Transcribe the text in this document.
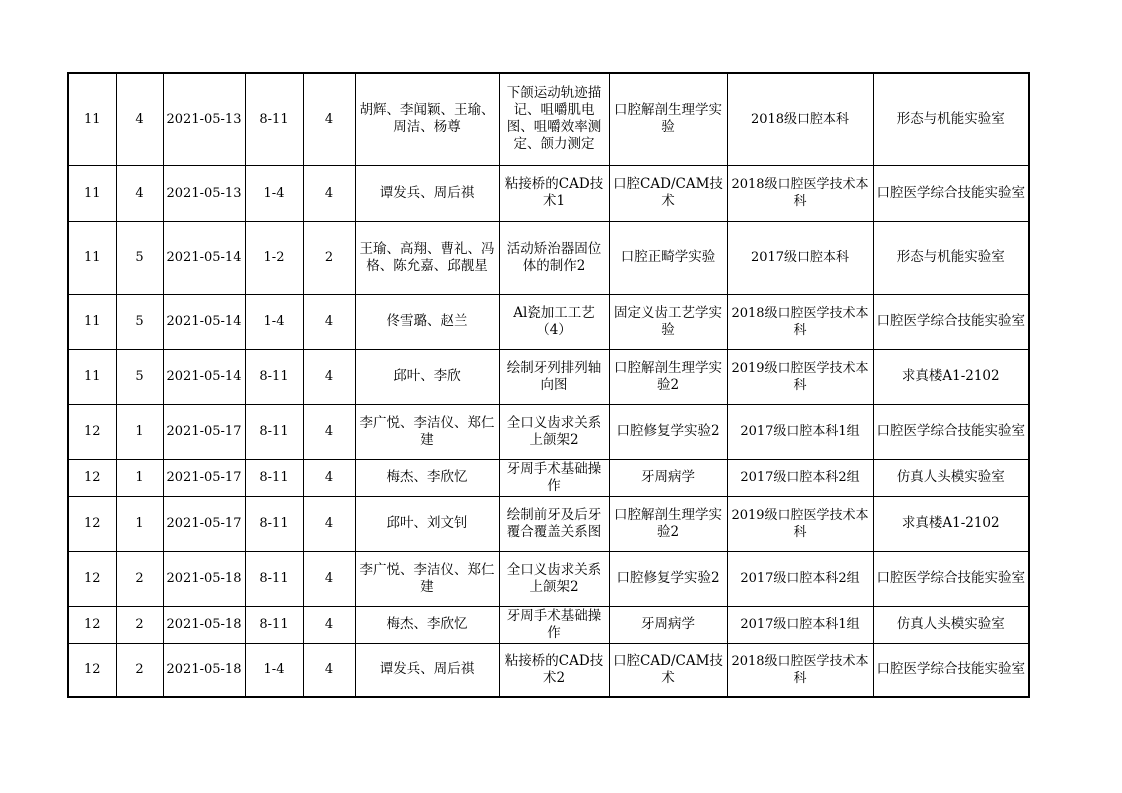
11	4	2021-05-13	8-11	4	胡辉、李闻颖、王瑜、周洁、杨尊	下颌运动轨迹描记、咀嚼肌电图、咀嚼效率测定、颌力测定	口腔解剖生理学实验	2018级口腔本科	形态与机能实验室
11	4	2021-05-13	1-4	4	谭发兵、周后祺	粘接桥的CAD技术1	口腔CAD/CAM技术	2018级口腔医学技术本科	口腔医学综合技能实验室
11	5	2021-05-14	1-2	2	王瑜、高翔、曹礼、冯格、陈允嘉、邱靓星	活动矫治器固位体的制作2	口腔正畸学实验	2017级口腔本科	形态与机能实验室
11	5	2021-05-14	1-4	4	佟雪璐、赵兰	Al瓷加工工艺（4）	固定义齿工艺学实验	2018级口腔医学技术本科	口腔医学综合技能实验室
11	5	2021-05-14	8-11	4	邱叶、李欣	绘制牙列排列轴向图	口腔解剖生理学实验2	2019级口腔医学技术本科	求真楼A1-2102
12	1	2021-05-17	8-11	4	李广悦、李洁仪、郑仁建	全口义齿求关系上颌架2	口腔修复学实验2	2017级口腔本科1组	口腔医学综合技能实验室
12	1	2021-05-17	8-11	4	梅杰、李欣忆	牙周手术基础操作	牙周病学	2017级口腔本科2组	仿真人头模实验室
12	1	2021-05-17	8-11	4	邱叶、刘文钊	绘制前牙及后牙覆合覆盖关系图	口腔解剖生理学实验2	2019级口腔医学技术本科	求真楼A1-2102
12	2	2021-05-18	8-11	4	李广悦、李洁仪、郑仁建	全口义齿求关系上颌架2	口腔修复学实验2	2017级口腔本科2组	口腔医学综合技能实验室
12	2	2021-05-18	8-11	4	梅杰、李欣忆	牙周手术基础操作	牙周病学	2017级口腔本科1组	仿真人头模实验室
12	2	2021-05-18	1-4	4	谭发兵、周后祺	粘接桥的CAD技术2	口腔CAD/CAM技术	2018级口腔医学技术本科	口腔医学综合技能实验室
